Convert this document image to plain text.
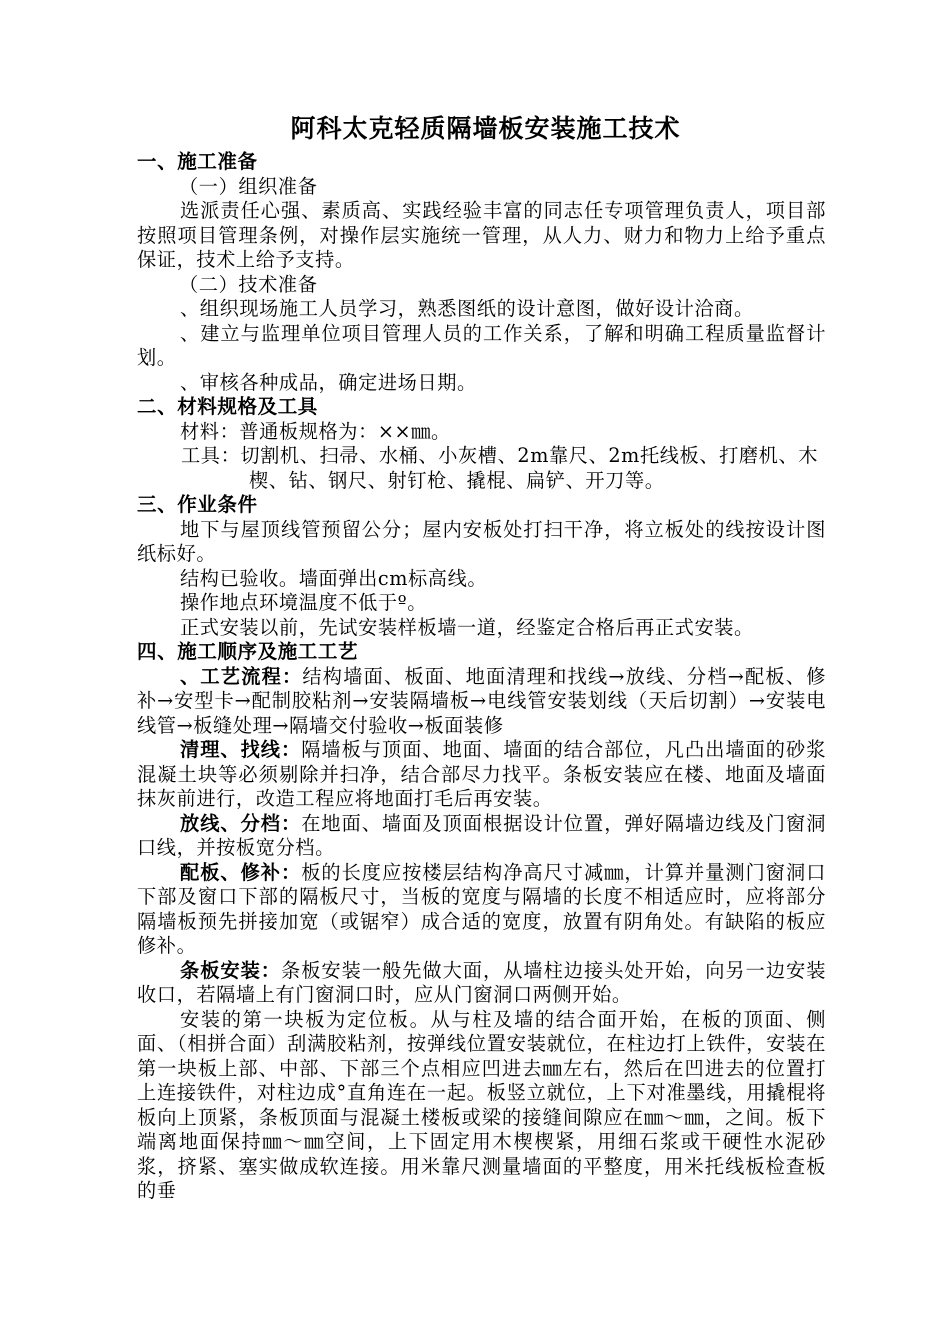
阿科太克轻质隔墙板安装施工技术
一、施工准备
（一）组织准备
选派责任心强、素质高、实践经验丰富的同志任专项管理负责人，项目部按照项目管理条例，对操作层实施统一管理，从人力、财力和物力上给予重点保证，技术上给予支持。
（二）技术准备
、组织现场施工人员学习，熟悉图纸的设计意图，做好设计洽商。
、建立与监理单位项目管理人员的工作关系，了解和明确工程质量监督计划。
、审核各种成品，确定进场日期。
二、材料规格及工具
材料：普通板规格为：××㎜。
工具：切割机、扫帚、水桶、小灰槽、2m靠尺、2m托线板、打磨机、木楔、钻、钢尺、射钉枪、撬棍、扁铲、开刀等。
三、作业条件
地下与屋顶线管预留公分；屋内安板处打扫干净，将立板处的线按设计图纸标好。
结构已验收。墙面弹出cm标高线。
操作地点环境温度不低于º。
正式安装以前，先试安装样板墙一道，经鉴定合格后再正式安装。
四、施工顺序及施工工艺
、工艺流程：结构墙面、板面、地面清理和找线→放线、分档→配板、修补→安型卡→配制胶粘剂→安装隔墙板→电线管安装划线（天后切割）→安装电线管→板缝处理→隔墙交付验收→板面装修
清理、找线：隔墙板与顶面、地面、墙面的结合部位，凡凸出墙面的砂浆混凝土块等必须剔除并扫净，结合部尽力找平。条板安装应在楼、地面及墙面抹灰前进行，改造工程应将地面打毛后再安装。
放线、分档：在地面、墙面及顶面根据设计位置，弹好隔墙边线及门窗洞口线，并按板宽分档。
配板、修补：板的长度应按楼层结构净高尺寸减㎜，计算并量测门窗洞口下部及窗口下部的隔板尺寸，当板的宽度与隔墙的长度不相适应时，应将部分隔墙板预先拼接加宽（或锯窄）成合适的宽度，放置有阴角处。有缺陷的板应修补。
条板安装：条板安装一般先做大面，从墙柱边接头处开始，向另一边安装收口，若隔墙上有门窗洞口时，应从门窗洞口两侧开始。
安装的第一块板为定位板。从与柱及墙的结合面开始，在板的顶面、侧面、（相拼合面）刮满胶粘剂，按弹线位置安装就位，在柱边打上铁件，安装在第一块板上部、中部、下部三个点相应凹进去㎜左右，然后在凹进去的位置打上连接铁件，对柱边成°直角连在一起。板竖立就位，上下对准墨线，用撬棍将板向上顶紧，条板顶面与混凝土楼板或梁的接缝间隙应在㎜～㎜，之间。板下端离地面保持㎜～㎜空间，上下固定用木楔楔紧，用细石浆或干硬性水泥砂浆，挤紧、塞实做成软连接。用米靠尺测量墙面的平整度，用米托线板检查板的垂
